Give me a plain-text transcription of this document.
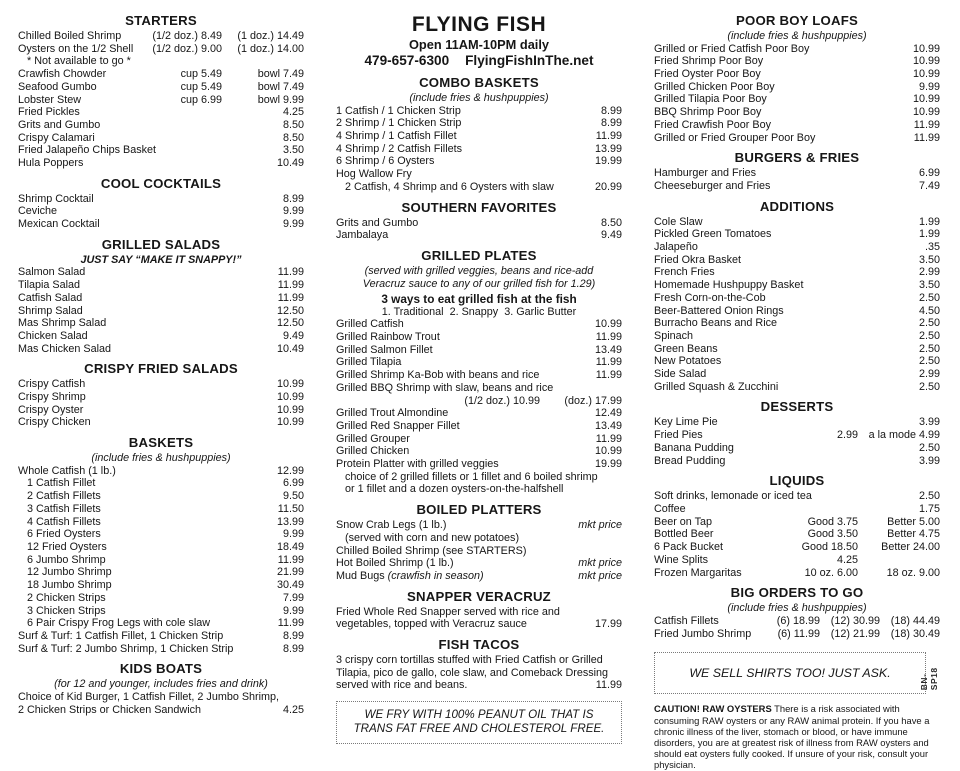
STARTERS
Chilled Boiled Shrimp	(1/2 doz.) 8.49	(1 doz.) 14.49
Oysters on the 1/2 Shell	(1/2 doz.) 9.00	(1 doz.) 14.00
* Not available to go *
Crawfish Chowder	cup 5.49	bowl 7.49
Seafood Gumbo	cup 5.49	bowl 7.49
Lobster Stew	cup 6.99	bowl 9.99
Fried Pickles	4.25
Grits and Gumbo	8.50
Crispy Calamari	8.50
Fried Jalapeño Chips Basket	3.50
Hula Poppers	10.49
COOL COCKTAILS
Shrimp Cocktail	8.99
Ceviche	9.99
Mexican Cocktail	9.99
GRILLED SALADS
JUST SAY “MAKE IT SNAPPY!”
Salmon Salad	11.99
Tilapia Salad	11.99
Catfish Salad	11.99
Shrimp Salad	12.50
Mas Shrimp Salad	12.50
Chicken Salad	9.49
Mas Chicken Salad	10.49
CRISPY FRIED SALADS
Crispy Catfish	10.99
Crispy Shrimp	10.99
Crispy Oyster	10.99
Crispy Chicken	10.99
BASKETS
(include fries & hushpuppies)
Whole Catfish (1 lb.)	12.99
1 Catfish Fillet	6.99
2 Catfish Fillets	9.50
3 Catfish Fillets	11.50
4 Catfish Fillets	13.99
6 Fried Oysters	9.99
12 Fried Oysters	18.49
6 Jumbo Shrimp	11.99
12 Jumbo Shrimp	21.99
18 Jumbo Shrimp	30.49
2 Chicken Strips	7.99
3 Chicken Strips	9.99
6 Pair Crispy Frog Legs with cole slaw	11.99
Surf & Turf: 1 Catfish Fillet, 1 Chicken Strip	8.99
Surf & Turf: 2 Jumbo Shrimp, 1 Chicken Strip	8.99
KIDS BOATS
(for 12 and younger, includes fries and drink)
Choice of Kid Burger, 1 Catfish Fillet, 2 Jumbo Shrimp,
2 Chicken Strips or Chicken Sandwich	4.25
FLYING FISH
Open 11AM-10PM daily
479-657-6300 FlyingFishInThe.net
COMBO BASKETS
(include fries & hushpuppies)
1 Catfish / 1 Chicken Strip	8.99
2 Shrimp / 1 Chicken Strip	8.99
4 Shrimp / 1 Catfish Fillet	11.99
4 Shrimp / 2 Catfish Fillets	13.99
6 Shrimp / 6 Oysters	19.99
Hog Wallow Fry
2 Catfish, 4 Shrimp and 6 Oysters with slaw	20.99
SOUTHERN FAVORITES
Grits and Gumbo	8.50
Jambalaya	9.49
GRILLED PLATES
(served with grilled veggies, beans and rice-add
Veracruz sauce to any of our grilled fish for 1.29)
3 ways to eat grilled fish at the fish
1. Traditional  2. Snappy  3. Garlic Butter
Grilled Catfish	10.99
Grilled Rainbow Trout	11.99
Grilled Salmon Fillet	13.49
Grilled Tilapia	11.99
Grilled Shrimp Ka-Bob with beans and rice	11.99
Grilled BBQ Shrimp with slaw, beans and rice
(1/2 doz.) 10.99	(doz.) 17.99
Grilled Trout Almondine	12.49
Grilled Red Snapper Fillet	13.49
Grilled Grouper	11.99
Grilled Chicken	10.99
Protein Platter with grilled veggies	19.99
choice of 2 grilled fillets or 1 fillet and 6 boiled shrimp
or 1 fillet and a dozen oysters-on-the-halfshell
BOILED PLATTERS
Snow Crab Legs (1 lb.)	mkt price
(served with corn and new potatoes)
Chilled Boiled Shrimp (see STARTERS)
Hot Boiled Shrimp (1 lb.)	mkt price
Mud Bugs (crawfish in season)	mkt price
SNAPPER VERACRUZ
Fried Whole Red Snapper served with rice and
vegetables, topped with Veracruz sauce	17.99
FISH TACOS
3 crispy corn tortillas stuffed with Fried Catfish or Grilled
Tilapia, pico de gallo, cole slaw, and Comeback Dressing
served with rice and beans.	11.99
WE FRY WITH 100% PEANUT OIL THAT IS
TRANS FAT FREE AND CHOLESTEROL FREE.
POOR BOY LOAFS
(include fries & hushpuppies)
Grilled or Fried Catfish Poor Boy	10.99
Fried Shrimp Poor Boy	10.99
Fried Oyster Poor Boy	10.99
Grilled Chicken Poor Boy	9.99
Grilled Tilapia Poor Boy	10.99
BBQ Shrimp Poor Boy	10.99
Fried Crawfish Poor Boy	11.99
Grilled or Fried Grouper Poor Boy	11.99
BURGERS & FRIES
Hamburger and Fries	6.99
Cheeseburger and Fries	7.49
ADDITIONS
Cole Slaw	1.99
Pickled Green Tomatoes	1.99
Jalapeño	.35
Fried Okra Basket	3.50
French Fries	2.99
Homemade Hushpuppy Basket	3.50
Fresh Corn-on-the-Cob	2.50
Beer-Battered Onion Rings	4.50
Burracho Beans and Rice	2.50
Spinach	2.50
Green Beans	2.50
New Potatoes	2.50
Side Salad	2.99
Grilled Squash & Zucchini	2.50
DESSERTS
Key Lime Pie	3.99
Fried Pies	2.99 a la mode 4.99
Banana Pudding	2.50
Bread Pudding	3.99
LIQUIDS
Soft drinks, lemonade or iced tea	2.50
Coffee	1.75
Beer on Tap	Good 3.75	Better 5.00
Bottled Beer	Good 3.50	Better 4.75
6 Pack Bucket	Good 18.50	Better 24.00
Wine Splits	4.25
Frozen Margaritas	10 oz. 6.00	18 oz. 9.00
BIG ORDERS TO GO
(include fries & hushpuppies)
Catfish Fillets	(6) 18.99 (12) 30.99 (18) 44.49
Fried Jumbo Shrimp	(6) 11.99 (12) 21.99 (18) 30.49
WE SELL SHIRTS TOO! JUST ASK.
BN-SP18
CAUTION! RAW OYSTERS There is a risk associated with consuming RAW oysters or any RAW animal protein. If you have a chronic illness of the liver, stomach or blood, or have immune disorders, you are at greatest risk of illness from RAW oysters and should eat oysters fully cooked. If unsure of your risk, consult your physician.
